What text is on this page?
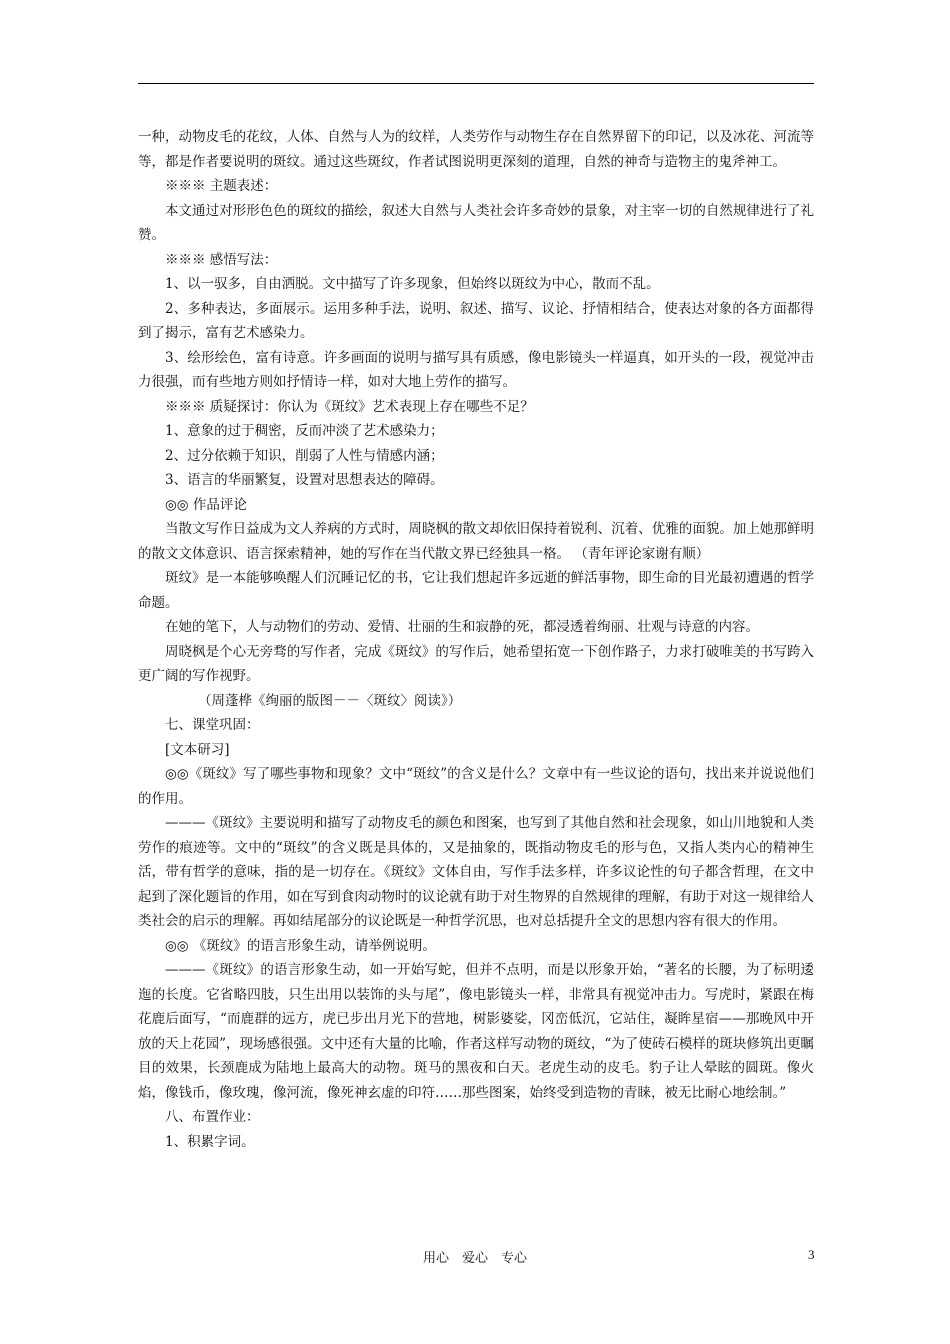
一种，动物皮毛的花纹，人体、自然与人为的纹样，人类劳作与动物生存在自然界留下的印记，以及冰花、河流等等，都是作者要说明的斑纹。通过这些斑纹，作者试图说明更深刻的道理，自然的神奇与造物主的鬼斧神工。

※※※ 主题表述：

本文通过对形形色色的斑纹的描绘，叙述大自然与人类社会许多奇妙的景象，对主宰一切的自然规律进行了礼赞。

※※※ 感悟写法：

1、以一驭多，自由洒脱。文中描写了许多现象，但始终以斑纹为中心，散而不乱。

2、多种表达，多面展示。运用多种手法，说明、叙述、描写、议论、抒情相结合，使表达对象的各方面都得到了揭示，富有艺术感染力。

3、绘形绘色，富有诗意。许多画面的说明与描写具有质感，像电影镜头一样逼真，如开头的一段，视觉冲击力很强，而有些地方则如抒情诗一样，如对大地上劳作的描写。

※※※ 质疑探讨：你认为《斑纹》艺术表现上存在哪些不足？

1、意象的过于稠密，反而冲淡了艺术感染力；

2、过分依赖于知识，削弱了人性与情感内涵；

3、语言的华丽繁复，设置对思想表达的障碍。

◎◎ 作品评论

当散文写作日益成为文人养病的方式时，周晓枫的散文却依旧保持着锐利、沉着、优雅的面貌。加上她那鲜明的散文文体意识、语言探索精神，她的写作在当代散文界已经独具一格。 （青年评论家谢有顺）

斑纹》是一本能够唤醒人们沉睡记忆的书，它让我们想起许多远逝的鲜活事物，即生命的目光最初遭遇的哲学命题。

在她的笔下，人与动物们的劳动、爱情、壮丽的生和寂静的死，都浸透着绚丽、壮观与诗意的内容。

周晓枫是个心无旁骛的写作者，完成《斑纹》的写作后，她希望拓宽一下创作路子，力求打破唯美的书写跨入更广阔的写作视野。

（周蓬桦《绚丽的版图－－〈斑纹〉阅读》）

七、课堂巩固：

[文本研习]

◎◎《斑纹》写了哪些事物和现象？文中“斑纹”的含义是什么？文章中有一些议论的语句，找出来并说说他们的作用。

———《斑纹》主要说明和描写了动物皮毛的颜色和图案，也写到了其他自然和社会现象，如山川地貌和人类劳作的痕迹等。文中的“斑纹”的含义既是具体的，又是抽象的，既指动物皮毛的形与色，又指人类内心的精神生活，带有哲学的意味，指的是一切存在。《斑纹》文体自由，写作手法多样，许多议论性的句子都含哲理，在文中起到了深化题旨的作用，如在写到食肉动物时的议论就有助于对生物界的自然规律的理解，有助于对这一规律给人类社会的启示的理解。再如结尾部分的议论既是一种哲学沉思，也对总括提升全文的思想内容有很大的作用。

◎◎ 《斑纹》的语言形象生动，请举例说明。

———《斑纹》的语言形象生动，如一开始写蛇，但并不点明，而是以形象开始，“著名的长腰，为了标明逶迤的长度。它省略四肢，只生出用以装饰的头与尾”，像电影镜头一样，非常具有视觉冲击力。写虎时，紧跟在梅花鹿后面写，“而鹿群的远方，虎已步出月光下的营地，树影婆娑，冈峦低沉，它站住，凝眸星宿——那晚风中开放的天上花园”，现场感很强。文中还有大量的比喻，作者这样写动物的斑纹，“为了使砖石模样的斑块修筑出更瞩目的效果，长颈鹿成为陆地上最高大的动物。斑马的黑夜和白天。老虎生动的皮毛。豹子让人晕眩的圆斑。像火焰，像钱币，像玫瑰，像河流，像死神玄虚的印符……那些图案，始终受到造物的青睐，被无比耐心地绘制。”

八、布置作业：

1、积累字词。

用心　爱心　专心	3
